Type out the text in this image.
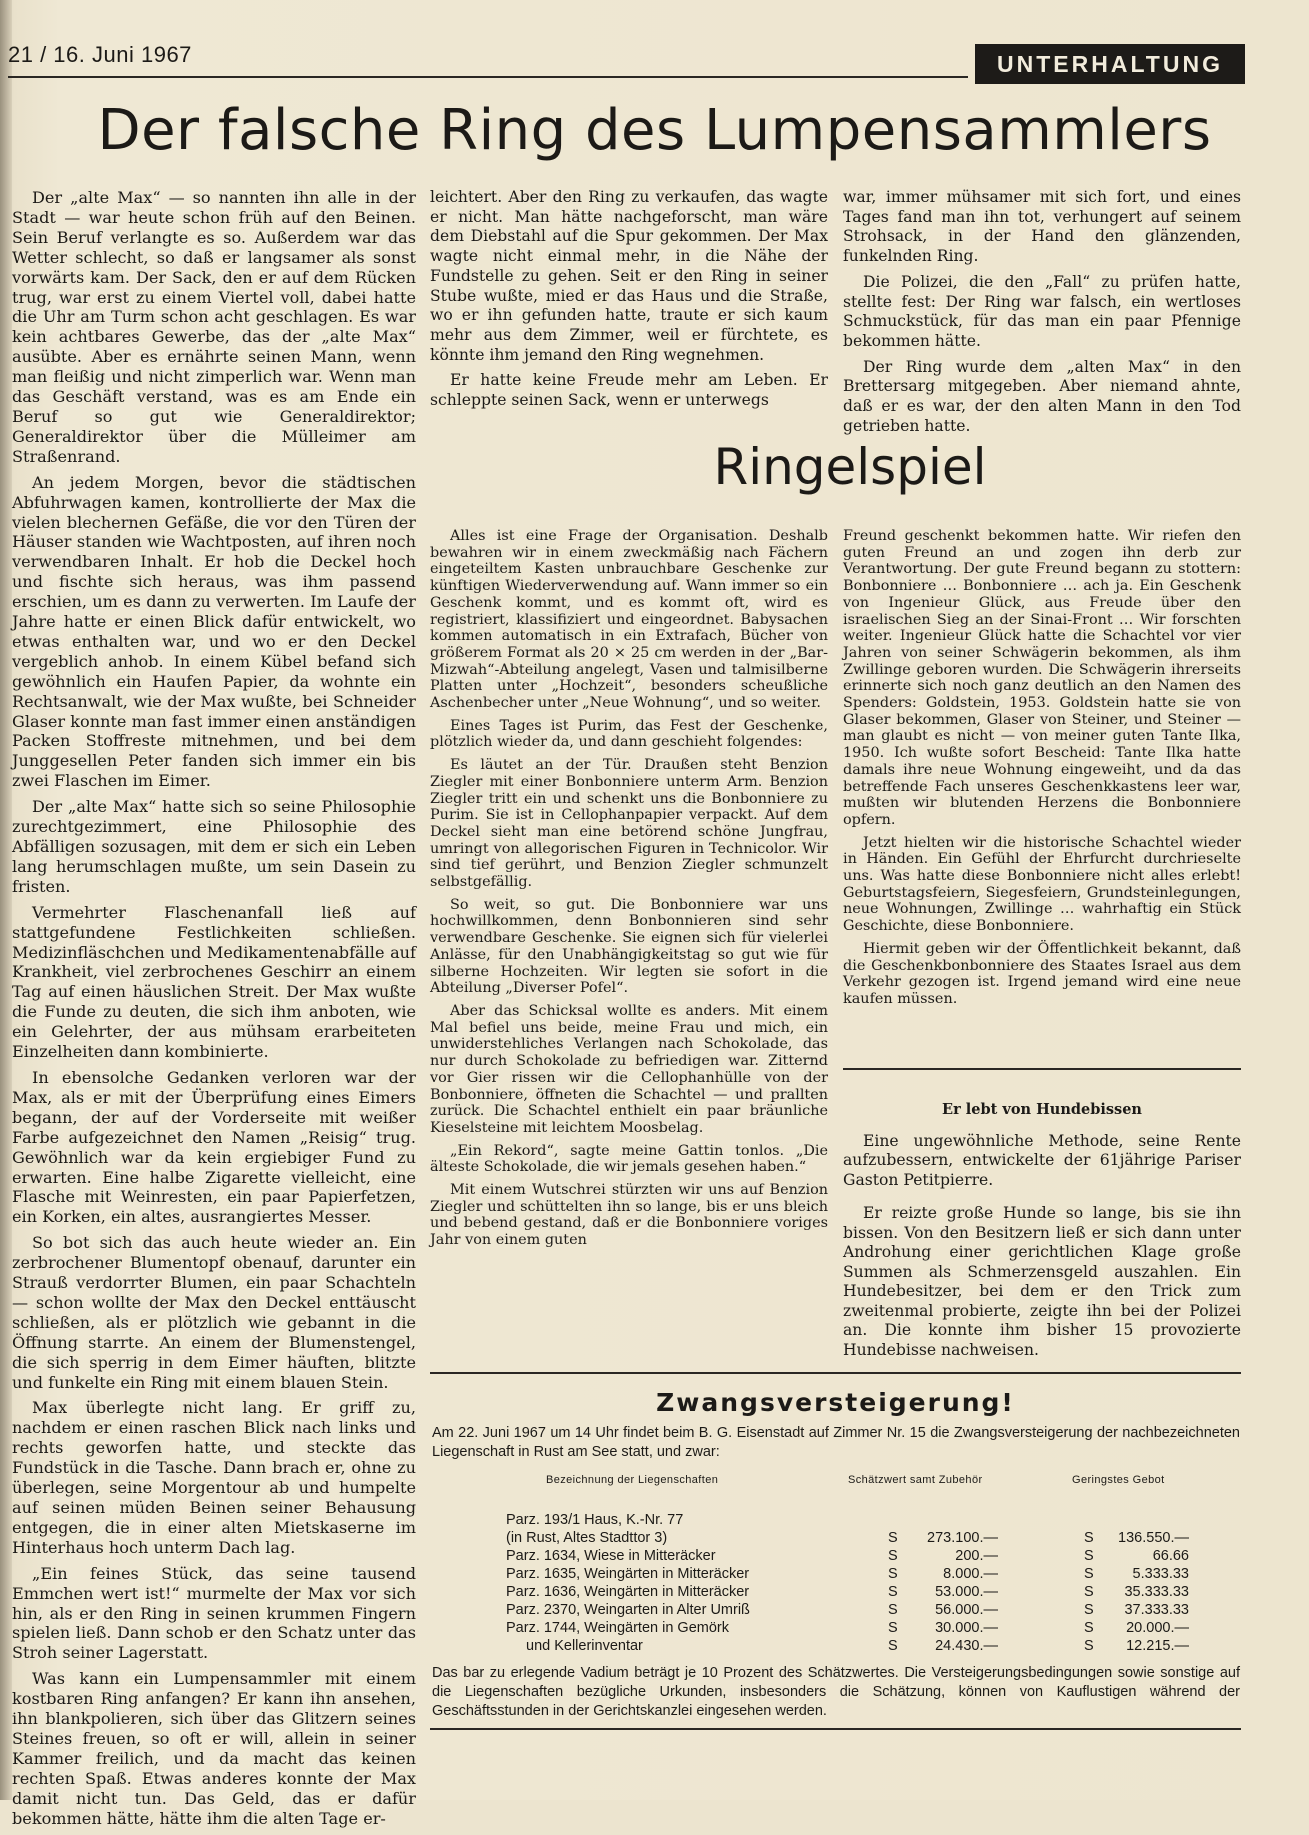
21 / 16. Juni 1967	UNTERHALTUNG
Der falsche Ring des Lumpensammlers

Der „alte Max“ — so nannten ihn alle in der Stadt — war heute schon früh auf den Beinen. Sein Beruf verlangte es so. Außerdem war das Wetter schlecht, so daß er langsamer als sonst vorwärts kam. Der Sack, den er auf dem Rücken trug, war erst zu einem Viertel voll, dabei hatte die Uhr am Turm schon acht geschlagen. Es war kein achtbares Gewerbe, das der „alte Max“ ausübte. Aber es ernährte seinen Mann, wenn man fleißig und nicht zimperlich war. Wenn man das Geschäft verstand, was es am Ende ein Beruf so gut wie Generaldirektor; Generaldirektor über die Mülleimer am Straßenrand.

An jedem Morgen, bevor die städtischen Abfuhrwagen kamen, kontrollierte der Max die vielen blechernen Gefäße, die vor den Türen der Häuser standen wie Wachtposten, auf ihren noch verwendbaren Inhalt. Er hob die Deckel hoch und fischte sich heraus, was ihm passend erschien, um es dann zu verwerten. Im Laufe der Jahre hatte er einen Blick dafür entwickelt, wo etwas enthalten war, und wo er den Deckel vergeblich anhob. In einem Kübel befand sich gewöhnlich ein Haufen Papier, da wohnte ein Rechtsanwalt, wie der Max wußte, bei Schneider Glaser konnte man fast immer einen anständigen Packen Stoffreste mitnehmen, und bei dem Junggesellen Peter fanden sich immer ein bis zwei Flaschen im Eimer.

Der „alte Max“ hatte sich so seine Philosophie zurechtgezimmert, eine Philosophie des Abfälligen sozusagen, mit dem er sich ein Leben lang herumschlagen mußte, um sein Dasein zu fristen.

Vermehrter Flaschenanfall ließ auf stattgefundene Festlichkeiten schließen. Medizinfläschchen und Medikamentenabfälle auf Krankheit, viel zerbrochenes Geschirr an einem Tag auf einen häuslichen Streit. Der Max wußte die Funde zu deuten, die sich ihm anboten, wie ein Gelehrter, der aus mühsam erarbeiteten Einzelheiten dann kombinierte.

In ebensolche Gedanken verloren war der Max, als er mit der Überprüfung eines Eimers begann, der auf der Vorderseite mit weißer Farbe aufgezeichnet den Namen „Reisig“ trug. Gewöhnlich war da kein ergiebiger Fund zu erwarten. Eine halbe Zigarette vielleicht, eine Flasche mit Weinresten, ein paar Papierfetzen, ein Korken, ein altes, ausrangiertes Messer.

So bot sich das auch heute wieder an. Ein zerbrochener Blumentopf obenauf, darunter ein Strauß verdorrter Blumen, ein paar Schachteln — schon wollte der Max den Deckel enttäuscht schließen, als er plötzlich wie gebannt in die Öffnung starrte. An einem der Blumenstengel, die sich sperrig in dem Eimer häuften, blitzte und funkelte ein Ring mit einem blauen Stein.

Max überlegte nicht lang. Er griff zu, nachdem er einen raschen Blick nach links und rechts geworfen hatte, und steckte das Fundstück in die Tasche. Dann brach er, ohne zu überlegen, seine Morgentour ab und humpelte auf seinen müden Beinen seiner Behausung entgegen, die in einer alten Mietskaserne im Hinterhaus hoch unterm Dach lag.

„Ein feines Stück, das seine tausend Emmchen wert ist!“ murmelte der Max vor sich hin, als er den Ring in seinen krummen Fingern spielen ließ. Dann schob er den Schatz unter das Stroh seiner Lagerstatt.

Was kann ein Lumpensammler mit einem kostbaren Ring anfangen? Er kann ihn ansehen, ihn blankpolieren, sich über das Glitzern seines Steines freuen, so oft er will, allein in seiner Kammer freilich, und da macht das keinen rechten Spaß. Etwas anderes konnte der Max damit nicht tun. Das Geld, das er dafür bekommen hätte, hätte ihm die alten Tage er-

leichtert. Aber den Ring zu verkaufen, das wagte er nicht. Man hätte nachgeforscht, man wäre dem Diebstahl auf die Spur gekommen. Der Max wagte nicht einmal mehr, in die Nähe der Fundstelle zu gehen. Seit er den Ring in seiner Stube wußte, mied er das Haus und die Straße, wo er ihn gefunden hatte, traute er sich kaum mehr aus dem Zimmer, weil er fürchtete, es könnte ihm jemand den Ring wegnehmen.

Er hatte keine Freude mehr am Leben. Er schleppte seinen Sack, wenn er unterwegs

war, immer mühsamer mit sich fort, und eines Tages fand man ihn tot, verhungert auf seinem Strohsack, in der Hand den glänzenden, funkelnden Ring.

Die Polizei, die den „Fall“ zu prüfen hatte, stellte fest: Der Ring war falsch, ein wertloses Schmuckstück, für das man ein paar Pfennige bekommen hätte.

Der Ring wurde dem „alten Max“ in den Brettersarg mitgegeben. Aber niemand ahnte, daß er es war, der den alten Mann in den Tod getrieben hatte.

Ringelspiel

Alles ist eine Frage der Organisation. Deshalb bewahren wir in einem zweckmäßig nach Fächern eingeteiltem Kasten unbrauchbare Geschenke zur künftigen Wiederverwendung auf. Wann immer so ein Geschenk kommt, und es kommt oft, wird es registriert, klassifiziert und eingeordnet. Babysachen kommen automatisch in ein Extrafach, Bücher von größerem Format als 20 × 25 cm werden in der „Bar-Mizwah“-Abteilung angelegt, Vasen und talmisilberne Platten unter „Hochzeit“, besonders scheußliche Aschenbecher unter „Neue Wohnung“, und so weiter.

Eines Tages ist Purim, das Fest der Geschenke, plötzlich wieder da, und dann geschieht folgendes:

Es läutet an der Tür. Draußen steht Benzion Ziegler mit einer Bonbonniere unterm Arm. Benzion Ziegler tritt ein und schenkt uns die Bonbonniere zu Purim. Sie ist in Cellophanpapier verpackt. Auf dem Deckel sieht man eine betörend schöne Jungfrau, umringt von allegorischen Figuren in Technicolor. Wir sind tief gerührt, und Benzion Ziegler schmunzelt selbstgefällig.

So weit, so gut. Die Bonbonniere war uns hochwillkommen, denn Bonbonnieren sind sehr verwendbare Geschenke. Sie eignen sich für vielerlei Anlässe, für den Unabhängigkeitstag so gut wie für silberne Hochzeiten. Wir legten sie sofort in die Abteilung „Diverser Pofel“.

Aber das Schicksal wollte es anders. Mit einem Mal befiel uns beide, meine Frau und mich, ein unwiderstehliches Verlangen nach Schokolade, das nur durch Schokolade zu befriedigen war. Zitternd vor Gier rissen wir die Cellophanhülle von der Bonbonniere, öffneten die Schachtel — und prallten zurück. Die Schachtel enthielt ein paar bräunliche Kieselsteine mit leichtem Moosbelag.

„Ein Rekord“, sagte meine Gattin tonlos. „Die älteste Schokolade, die wir jemals gesehen haben.“

Mit einem Wutschrei stürzten wir uns auf Benzion Ziegler und schüttelten ihn so lange, bis er uns bleich und bebend gestand, daß er die Bonbonniere voriges Jahr von einem guten

Freund geschenkt bekommen hatte. Wir riefen den guten Freund an und zogen ihn derb zur Verantwortung. Der gute Freund begann zu stottern: Bonbonniere … Bonbonniere … ach ja. Ein Geschenk von Ingenieur Glück, aus Freude über den israelischen Sieg an der Sinai-Front … Wir forschten weiter. Ingenieur Glück hatte die Schachtel vor vier Jahren von seiner Schwägerin bekommen, als ihm Zwillinge geboren wurden. Die Schwägerin ihrerseits erinnerte sich noch ganz deutlich an den Namen des Spenders: Goldstein, 1953. Goldstein hatte sie von Glaser bekommen, Glaser von Steiner, und Steiner — man glaubt es nicht — von meiner guten Tante Ilka, 1950. Ich wußte sofort Bescheid: Tante Ilka hatte damals ihre neue Wohnung eingeweiht, und da das betreffende Fach unseres Geschenkkastens leer war, mußten wir blutenden Herzens die Bonbonniere opfern.

Jetzt hielten wir die historische Schachtel wieder in Händen. Ein Gefühl der Ehrfurcht durchrieselte uns. Was hatte diese Bonbonniere nicht alles erlebt! Geburtstagsfeiern, Siegesfeiern, Grundsteinlegungen, neue Wohnungen, Zwillinge … wahrhaftig ein Stück Geschichte, diese Bonbonniere.

Hiermit geben wir der Öffentlichkeit bekannt, daß die Geschenkbonbonniere des Staates Israel aus dem Verkehr gezogen ist. Irgend jemand wird eine neue kaufen müssen.

Er lebt von Hundebissen

Eine ungewöhnliche Methode, seine Rente aufzubessern, entwickelte der 61jährige Pariser Gaston Petitpierre.

Er reizte große Hunde so lange, bis sie ihn bissen. Von den Besitzern ließ er sich dann unter Androhung einer gerichtlichen Klage große Summen als Schmerzensgeld auszahlen. Ein Hundebesitzer, bei dem er den Trick zum zweitenmal probierte, zeigte ihn bei der Polizei an. Die konnte ihm bisher 15 provozierte Hundebisse nachweisen.

Zwangsversteigerung!
Am 22. Juni 1967 um 14 Uhr findet beim B. G. Eisenstadt auf Zimmer Nr. 15 die Zwangsversteigerung der nachbezeichneten Liegenschaft in Rust am See statt, und zwar:
Bezeichnung der Liegenschaften	Schätzwert samt Zubehör	Geringstes Gebot
Parz. 193/1 Haus, K.-Nr. 77
(in Rust, Altes Stadttor 3)	S	273.100.—	S	136.550.—
Parz. 1634, Wiese in Mitteräcker	S	200.—	S	66.66
Parz. 1635, Weingärten in Mitteräcker	S	8.000.—	S	5.333.33
Parz. 1636, Weingärten in Mitteräcker	S	53.000.—	S	35.333.33
Parz. 2370, Weingarten in Alter Umriß	S	56.000.—	S	37.333.33
Parz. 1744, Weingärten in Gemörk	S	30.000.—	S	20.000.—
und Kellerinventar	S	24.430.—	S	12.215.—
Das bar zu erlegende Vadium beträgt je 10 Prozent des Schätzwertes. Die Versteigerungsbedingungen sowie sonstige auf die Liegenschaften bezügliche Urkunden, insbesonders die Schätzung, können von Kauflustigen während der Geschäftsstunden in der Gerichtskanzlei eingesehen werden.
